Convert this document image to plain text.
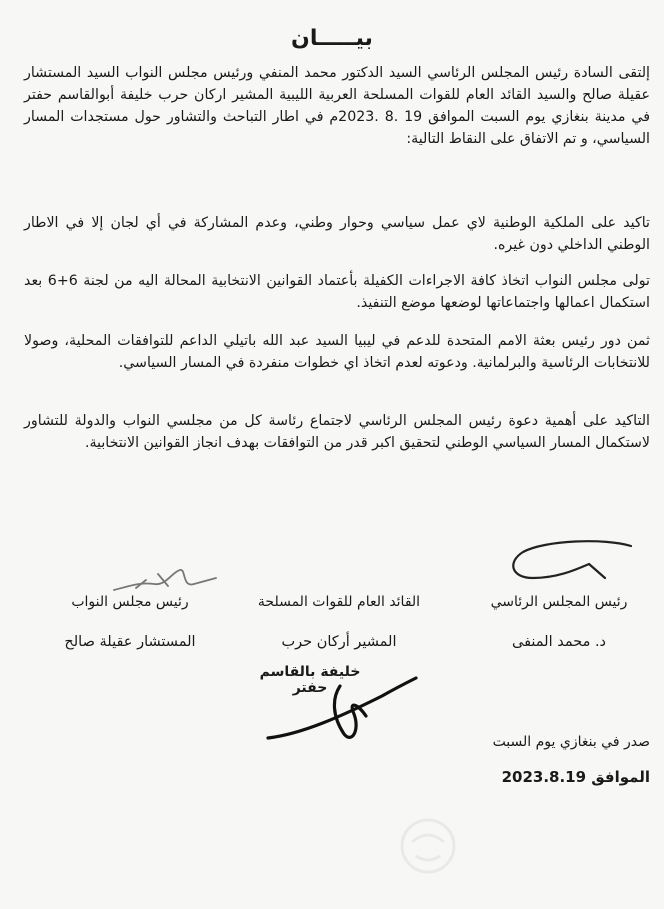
بيـــــان
إلتقى السادة رئيس المجلس الرئاسي السيد الدكتور محمد المنفي ورئيس مجلس النواب السيد المستشار عقيلة صالح والسيد القائد العام للقوات المسلحة العربية الليبية المشير اركان حرب خليفة أبوالقاسم حفتر في مدينة بنغازي يوم السبت الموافق 19 .8 .2023م في اطار التباحث والتشاور حول مستجدات المسار السياسي، و تم الاتفاق على النقاط التالية:
تاكيد على الملكية الوطنية لاي عمل سياسي وحوار وطني، وعدم المشاركة في أي لجان إلا في الاطار الوطني الداخلي دون غيره.
تولى مجلس النواب اتخاذ كافة الاجراءات الكفيلة بأعتماد القوانين الانتخابية المحالة اليه من لجنة 6+6 بعد استكمال اعمالها واجتماعاتها لوضعها موضع التنفيذ.
ثمن دور رئيس بعثة الامم المتحدة للدعم في ليبيا السيد عبد الله باتيلي الداعم للتوافقات المحلية، وصولا للانتخابات الرئاسية والبرلمانية. ودعوته لعدم اتخاذ اي خطوات منفردة في المسار السياسي.
التاكيد على أهمية دعوة رئيس المجلس الرئاسي لاجتماع رئاسة كل من مجلسي النواب والدولة للتشاور لاستكمال المسار السياسي الوطني لتحقيق اكبر قدر من التوافقات بهدف انجاز القوانين الانتخابية.
رئيس المجلس الرئاسي
د. محمد المنفى
القائد العام للقوات المسلحة
المشير أركان حرب
رئيس مجلس النواب
المستشار عقيلة صالح
خليفة بالقاسم حفتر
صدر في بنغازي يوم السبت
الموافق 2023.8.19
